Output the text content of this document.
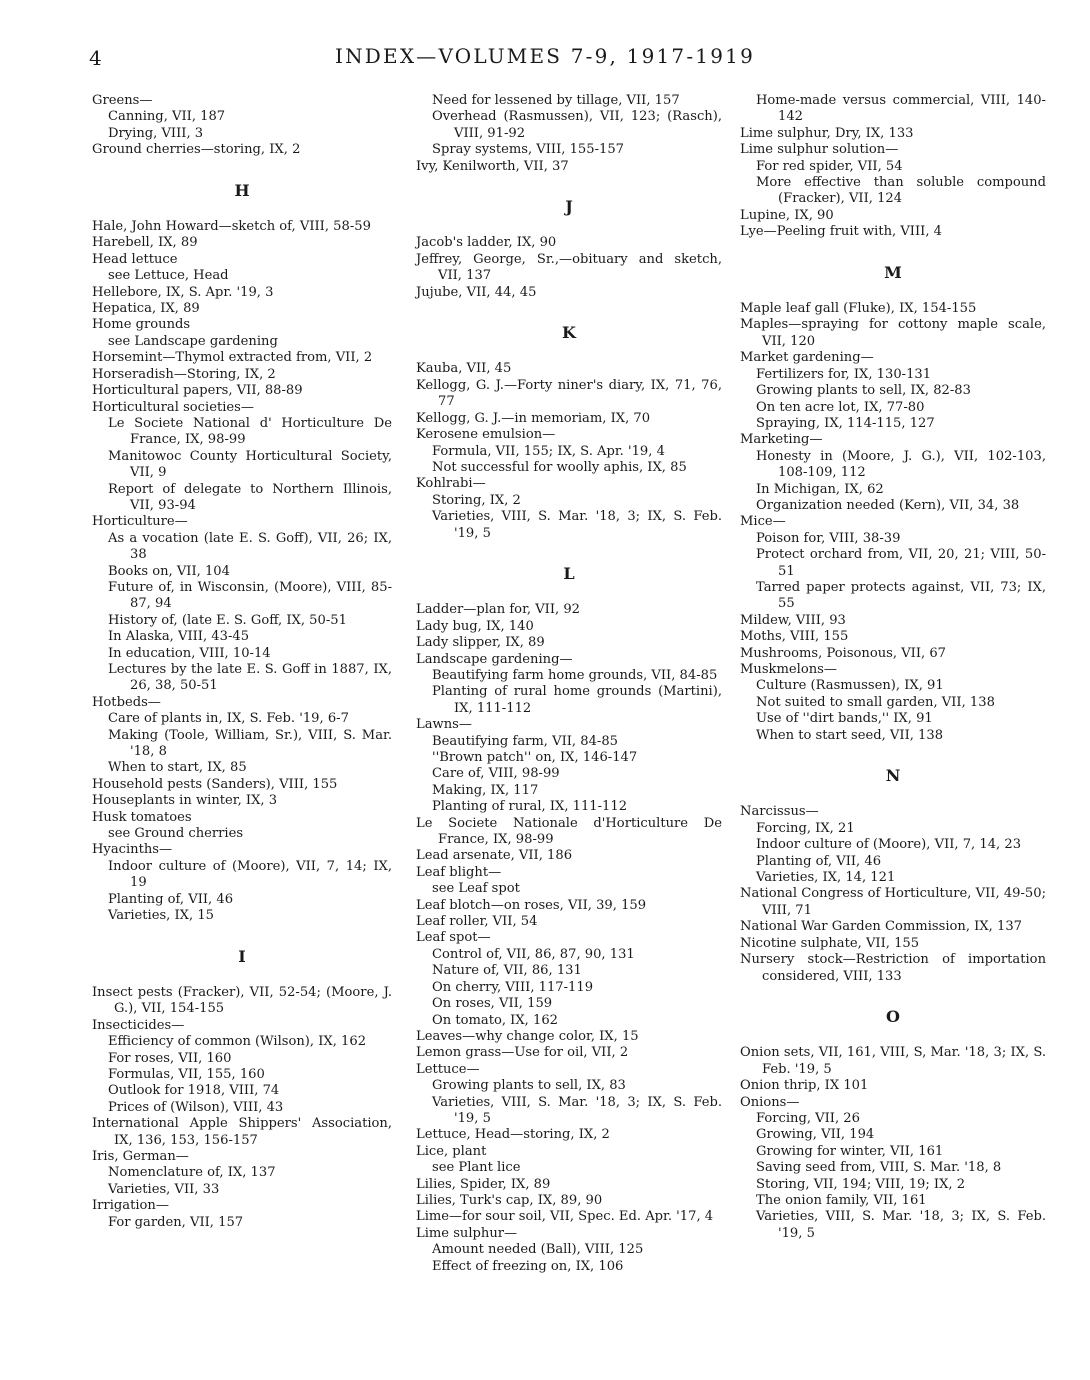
4	INDEX—VOLUMES 7-9, 1917-1919
Greens—
Canning, VII, 187
Drying, VIII, 3
Ground cherries—storing, IX, 2
H
Hale, John Howard—sketch of, VIII, 58-59
Harebell, IX, 89
Head lettuce
see Lettuce, Head
Hellebore, IX, S. Apr. '19, 3
Hepatica, IX, 89
Home grounds
see Landscape gardening
Horsemint—Thymol extracted from, VII, 2
Horseradish—Storing, IX, 2
Horticultural papers, VII, 88-89
Horticultural societies—
Le Societe National d' Horticulture De France, IX, 98-99
Manitowoc County Horticultural Society, VII, 9
Report of delegate to Northern Illinois, VII, 93-94
Horticulture—
As a vocation (late E. S. Goff), VII, 26; IX, 38
Books on, VII, 104
Future of, in Wisconsin, (Moore), VIII, 85-87, 94
History of, (late E. S. Goff, IX, 50-51
In Alaska, VIII, 43-45
In education, VIII, 10-14
Lectures by the late E. S. Goff in 1887, IX, 26, 38, 50-51
Hotbeds—
Care of plants in, IX, S. Feb. '19, 6-7
Making (Toole, William, Sr.), VIII, S. Mar. '18, 8
When to start, IX, 85
Household pests (Sanders), VIII, 155
Houseplants in winter, IX, 3
Husk tomatoes
see Ground cherries
Hyacinths—
Indoor culture of (Moore), VII, 7, 14; IX, 19
Planting of, VII, 46
Varieties, IX, 15
I
Insect pests (Fracker), VII, 52-54; (Moore, J. G.), VII, 154-155
Insecticides—
Efficiency of common (Wilson), IX, 162
For roses, VII, 160
Formulas, VII, 155, 160
Outlook for 1918, VIII, 74
Prices of (Wilson), VIII, 43
International Apple Shippers' Association, IX, 136, 153, 156-157
Iris, German—
Nomenclature of, IX, 137
Varieties, VII, 33
Irrigation—
For garden, VII, 157
Need for lessened by tillage, VII, 157
Overhead (Rasmussen), VII, 123; (Rasch), VIII, 91-92
Spray systems, VIII, 155-157
Ivy, Kenilworth, VII, 37
J
Jacob's ladder, IX, 90
Jeffrey, George, Sr.,—obituary and sketch, VII, 137
Jujube, VII, 44, 45
K
Kauba, VII, 45
Kellogg, G. J.—Forty niner's diary, IX, 71, 76, 77
Kellogg, G. J.—in memoriam, IX, 70
Kerosene emulsion—
Formula, VII, 155; IX, S. Apr. '19, 4
Not successful for woolly aphis, IX, 85
Kohlrabi—
Storing, IX, 2
Varieties, VIII, S. Mar. '18, 3; IX, S. Feb. '19, 5
L
Ladder—plan for, VII, 92
Lady bug, IX, 140
Lady slipper, IX, 89
Landscape gardening—
Beautifying farm home grounds, VII, 84-85
Planting of rural home grounds (Martini), IX, 111-112
Lawns—
Beautifying farm, VII, 84-85
''Brown patch'' on, IX, 146-147
Care of, VIII, 98-99
Making, IX, 117
Planting of rural, IX, 111-112
Le Societe Nationale d'Horticulture De France, IX, 98-99
Lead arsenate, VII, 186
Leaf blight—
see Leaf spot
Leaf blotch—on roses, VII, 39, 159
Leaf roller, VII, 54
Leaf spot—
Control of, VII, 86, 87, 90, 131
Nature of, VII, 86, 131
On cherry, VIII, 117-119
On roses, VII, 159
On tomato, IX, 162
Leaves—why change color, IX, 15
Lemon grass—Use for oil, VII, 2
Lettuce—
Growing plants to sell, IX, 83
Varieties, VIII, S. Mar. '18, 3; IX, S. Feb. '19, 5
Lettuce, Head—storing, IX, 2
Lice, plant
see Plant lice
Lilies, Spider, IX, 89
Lilies, Turk's cap, IX, 89, 90
Lime—for sour soil, VII, Spec. Ed. Apr. '17, 4
Lime sulphur—
Amount needed (Ball), VIII, 125
Effect of freezing on, IX, 106
Home-made versus commercial, VIII, 140-142
Lime sulphur, Dry, IX, 133
Lime sulphur solution—
For red spider, VII, 54
More effective than soluble compound (Fracker), VII, 124
Lupine, IX, 90
Lye—Peeling fruit with, VIII, 4
M
Maple leaf gall (Fluke), IX, 154-155
Maples—spraying for cottony maple scale, VII, 120
Market gardening—
Fertilizers for, IX, 130-131
Growing plants to sell, IX, 82-83
On ten acre lot, IX, 77-80
Spraying, IX, 114-115, 127
Marketing—
Honesty in (Moore, J. G.), VII, 102-103, 108-109, 112
In Michigan, IX, 62
Organization needed (Kern), VII, 34, 38
Mice—
Poison for, VIII, 38-39
Protect orchard from, VII, 20, 21; VIII, 50-51
Tarred paper protects against, VII, 73; IX, 55
Mildew, VIII, 93
Moths, VIII, 155
Mushrooms, Poisonous, VII, 67
Muskmelons—
Culture (Rasmussen), IX, 91
Not suited to small garden, VII, 138
Use of ''dirt bands,'' IX, 91
When to start seed, VII, 138
N
Narcissus—
Forcing, IX, 21
Indoor culture of (Moore), VII, 7, 14, 23
Planting of, VII, 46
Varieties, IX, 14, 121
National Congress of Horticulture, VII, 49-50; VIII, 71
National War Garden Commission, IX, 137
Nicotine sulphate, VII, 155
Nursery stock—Restriction of importation considered, VIII, 133
O
Onion sets, VII, 161, VIII, S, Mar. '18, 3; IX, S. Feb. '19, 5
Onion thrip, IX 101
Onions—
Forcing, VII, 26
Growing, VII, 194
Growing for winter, VII, 161
Saving seed from, VIII, S. Mar. '18, 8
Storing, VII, 194; VIII, 19; IX, 2
The onion family, VII, 161
Varieties, VIII, S. Mar. '18, 3; IX, S. Feb. '19, 5
